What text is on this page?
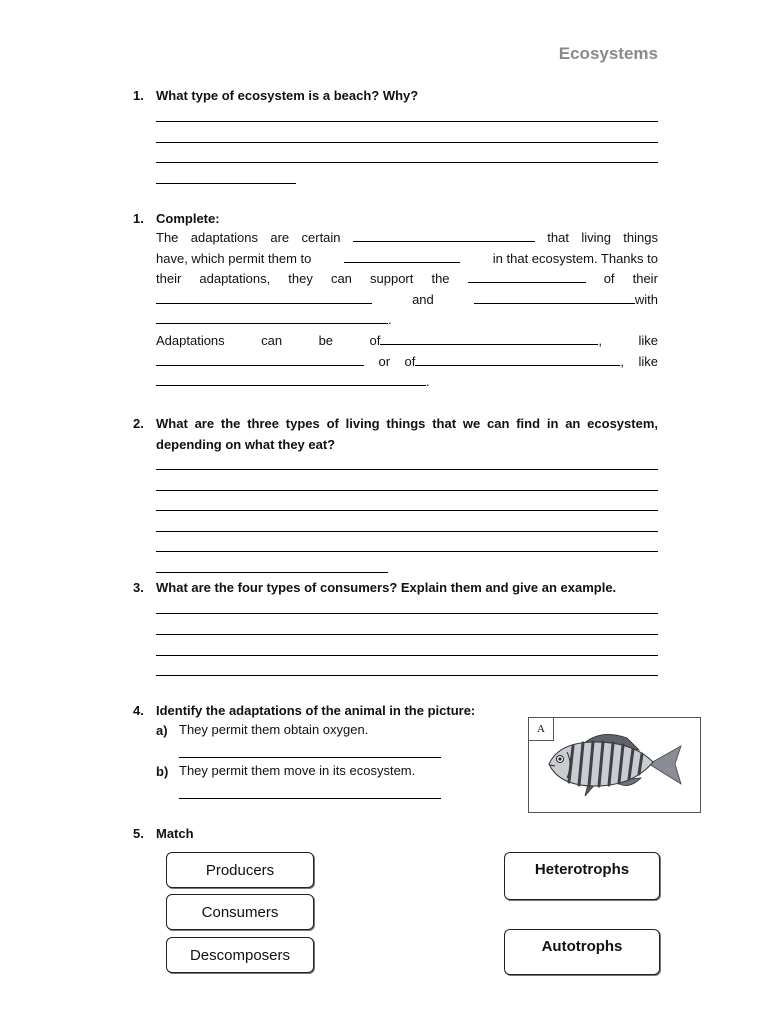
Ecosystems
1. What type of ecosystem is a beach? Why?
1. Complete:
The adaptations are certain	that living things
have, which permit them to	in that ecosystem. Thanks to
their adaptations, they can support the	of their
and	with
.
Adaptations	can	be	of	,	like
or of	, like
.
2. What are the three types of living things that we can find in an ecosystem,
depending on what they eat?
3. What are the four types of consumers? Explain them and give an example.
4. Identify the adaptations of the animal in the picture:
a) They permit them obtain oxygen.
b) They permit them move in its ecosystem.
A
5. Match
Producers
Consumers
Descomposers
Heterotrophs
Autotrophs
